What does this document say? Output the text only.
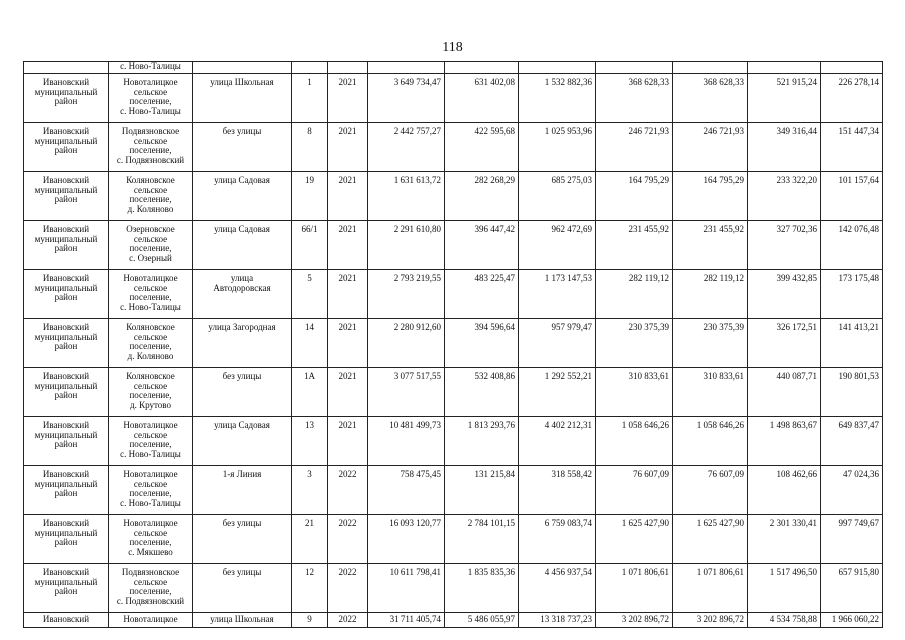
118
	с. Ново-Талицы										
Ивановский
муниципальный
район	Новоталицкое
сельское
поселение,
с. Ново-Талицы	улица Школьная	1	2021	3 649 734,47	631 402,08	1 532 882,36	368 628,33	368 628,33	521 915,24	226 278,14
Ивановский
муниципальный
район	Подвязновское
сельское
поселение,
с. Подвязновский	без улицы	8	2021	2 442 757,27	422 595,68	1 025 953,96	246 721,93	246 721,93	349 316,44	151 447,34
Ивановский
муниципальный
район	Коляновское
сельское
поселение,
д. Коляново	улица Садовая	19	2021	1 631 613,72	282 268,29	685 275,03	164 795,29	164 795,29	233 322,20	101 157,64
Ивановский
муниципальный
район	Озерновское
сельское
поселение,
с. Озерный	улица Садовая	66/1	2021	2 291 610,80	396 447,42	962 472,69	231 455,92	231 455,92	327 702,36	142 076,48
Ивановский
муниципальный
район	Новоталицкое
сельское
поселение,
с. Ново-Талицы	улица
Автодоровская	5	2021	2 793 219,55	483 225,47	1 173 147,53	282 119,12	282 119,12	399 432,85	173 175,48
Ивановский
муниципальный
район	Коляновское
сельское
поселение,
д. Коляново	улица Загородная	14	2021	2 280 912,60	394 596,64	957 979,47	230 375,39	230 375,39	326 172,51	141 413,21
Ивановский
муниципальный
район	Коляновское
сельское
поселение,
д. Крутово	без улицы	1А	2021	3 077 517,55	532 408,86	1 292 552,21	310 833,61	310 833,61	440 087,71	190 801,53
Ивановский
муниципальный
район	Новоталицкое
сельское
поселение,
с. Ново-Талицы	улица Садовая	13	2021	10 481 499,73	1 813 293,76	4 402 212,31	1 058 646,26	1 058 646,26	1 498 863,67	649 837,47
Ивановский
муниципальный
район	Новоталицкое
сельское
поселение,
с. Ново-Талицы	1-я Линия	3	2022	758 475,45	131 215,84	318 558,42	76 607,09	76 607,09	108 462,66	47 024,36
Ивановский
муниципальный
район	Новоталицкое
сельское
поселение,
с. Мякшево	без улицы	21	2022	16 093 120,77	2 784 101,15	6 759 083,74	1 625 427,90	1 625 427,90	2 301 330,41	997 749,67
Ивановский
муниципальный
район	Подвязновское
сельское
поселение,
с. Подвязновский	без улицы	12	2022	10 611 798,41	1 835 835,36	4 456 937,54	1 071 806,61	1 071 806,61	1 517 496,50	657 915,80
Ивановский	Новоталицкое	улица Школьная	9	2022	31 711 405,74	5 486 055,97	13 318 737,23	3 202 896,72	3 202 896,72	4 534 758,88	1 966 060,22
